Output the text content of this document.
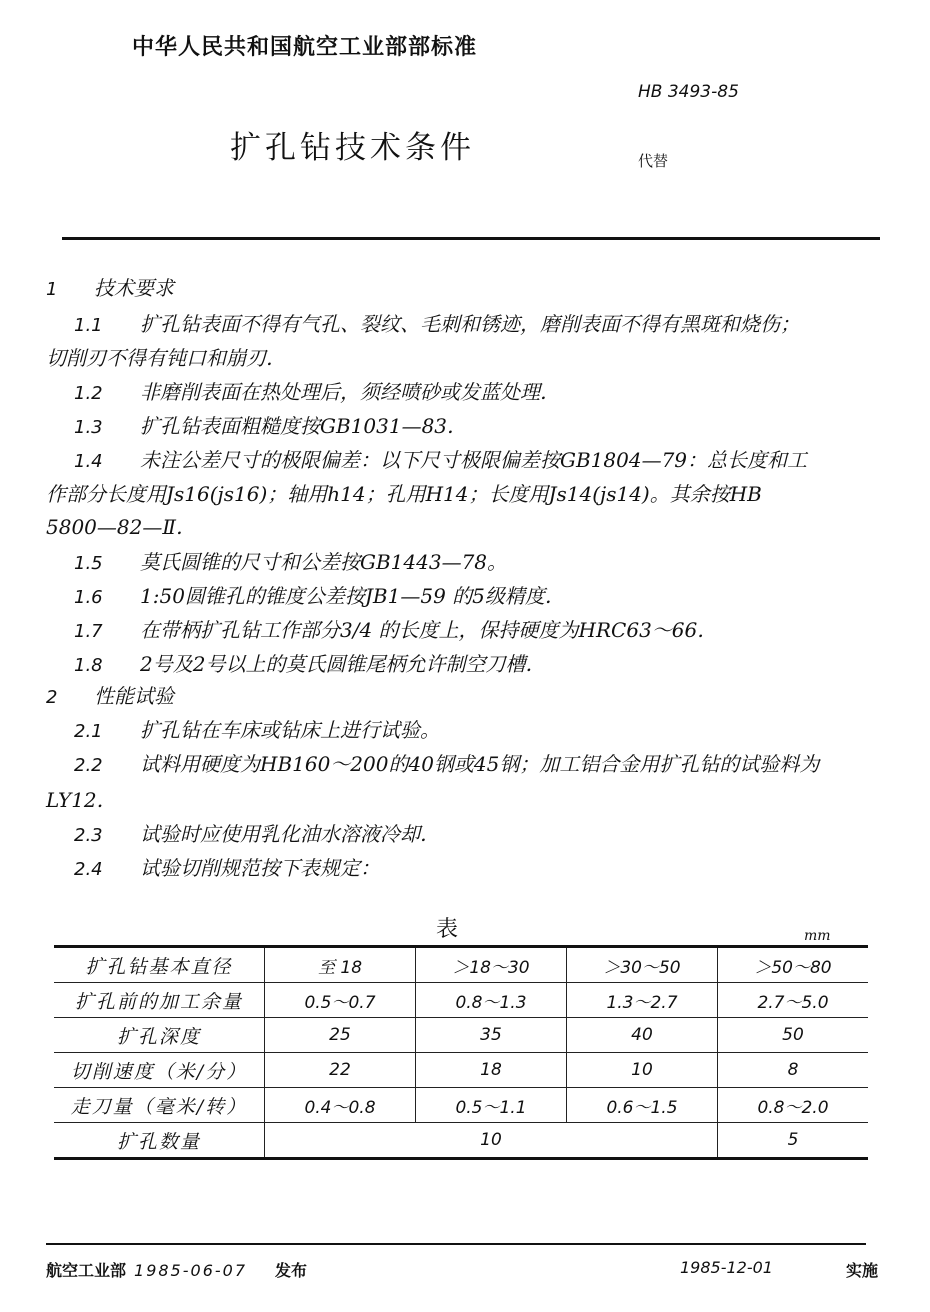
中华人民共和国航空工业部部标准
HB 3493-85
扩孔钻技术条件	代替
1 技术要求
1.1 扩孔钻表面不得有气孔、裂纹、毛刺和锈迹，磨削表面不得有黑斑和烧伤；
切削刃不得有钝口和崩刃．
1.2 非磨削表面在热处理后，须经喷砂或发蓝处理．
1.3 扩孔钻表面粗糙度按GB1031—83．
1.4 未注公差尺寸的极限偏差：以下尺寸极限偏差按GB1804—79：总长度和工
作部分长度用Js16(js16)；轴用h14；孔用H14；长度用Js14(js14)。其余按HB
5800—82—Ⅱ．
1.5 莫氏圆锥的尺寸和公差按GB1443—78。
1.6 1:50圆锥孔的锥度公差按JB1—59 的5级精度．
1.7 在带柄扩孔钻工作部分3/4 的长度上，保持硬度为HRC63～66．
1.8 2号及2号以上的莫氏圆锥尾柄允许制空刀槽．
2 性能试验
2.1 扩孔钻在车床或钻床上进行试验。
2.2 试料用硬度为HB160～200的40钢或45钢；加工铝合金用扩孔钻的试验料为
LY12．
2.3 试验时应使用乳化油水溶液冷却．
2.4 试验切削规范按下表规定：
表	mm
扩孔钻基本直径	至 18	＞18～30	＞30～50	＞50～80
扩孔前的加工余量	0.5～0.7	0.8～1.3	1.3～2.7	2.7～5.0
扩孔深度	25	35	40	50
切削速度（米/分）	22	18	10	8
走刀量（毫米/转）	0.4～0.8	0.5～1.1	0.6～1.5	0.8～2.0
扩孔数量	10			5
航空工业部 1985-06-07 发布	1985-12-01	实施
